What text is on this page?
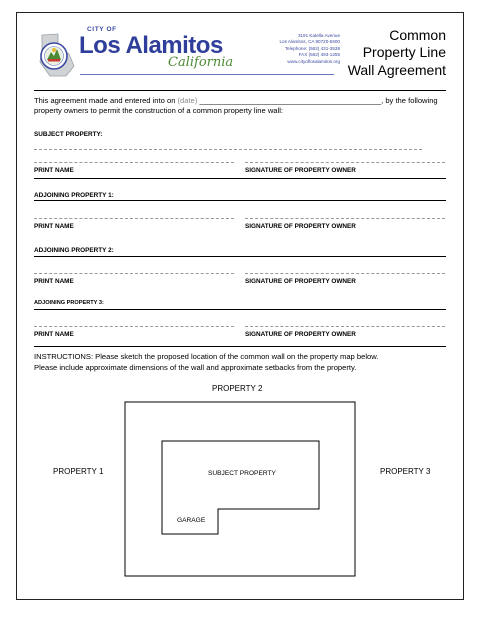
CITY OF
Los Alamitos
California
3191 Katella Avenue
Los Alamitos, CA 90720-5600
Telephone: (562) 431-3538
FAX (562) 493-1255
www.cityoflosalamitos.org
Common
Property Line
Wall Agreement
This agreement made and entered into on (date) ___________________________________________, by the following property owners to permit the construction of a common property line wall:
SUBJECT PROPERTY:
PRINT NAME	SIGNATURE OF PROPERTY OWNER
ADJOINING PROPERTY 1:
PRINT NAME	SIGNATURE OF PROPERTY OWNER
ADJOINING PROPERTY 2:
PRINT NAME	SIGNATURE OF PROPERTY OWNER
ADJOINING PROPERTY 3:
PRINT NAME	SIGNATURE OF PROPERTY OWNER
INSTRUCTIONS: Please sketch the proposed location of the common wall on the property map below.
Please include approximate dimensions of the wall and approximate setbacks from the property.
PROPERTY 2
PROPERTY 1	PROPERTY 3
SUBJECT PROPERTY
GARAGE
